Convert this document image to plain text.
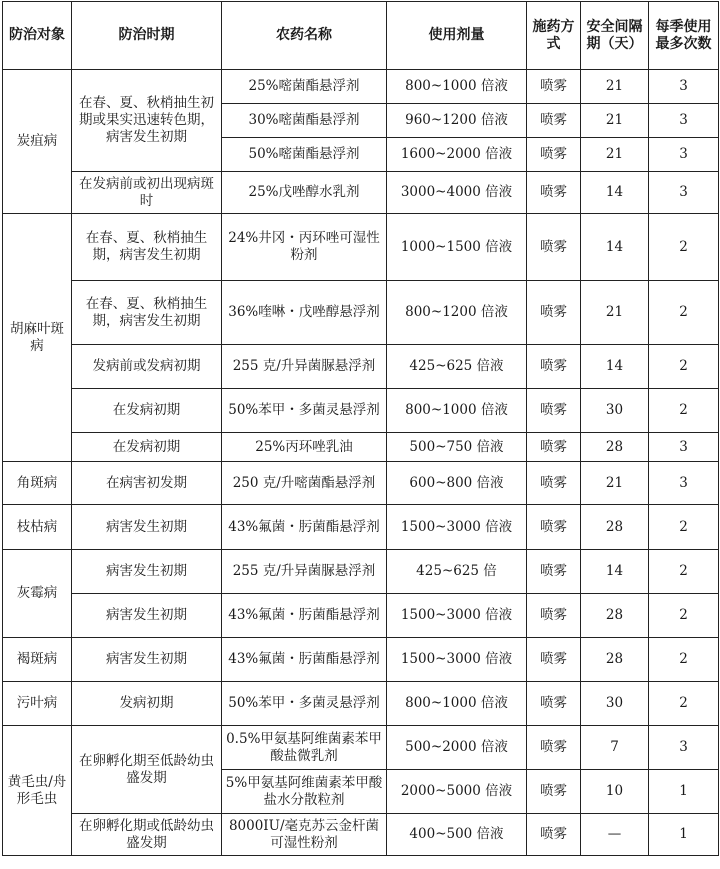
防治对象	防治时期	农药名称	使用剂量	施药方式	安全间隔期（天）	每季使用最多次数
炭疽病	在春、夏、秋梢抽生初期或果实迅速转色期，病害发生初期	25%嘧菌酯悬浮剂	800~1000 倍液	喷雾	21	3
		30%嘧菌酯悬浮剂	960~1200 倍液	喷雾	21	3
		50%嘧菌酯悬浮剂	1600~2000 倍液	喷雾	21	3
	在发病前或初出现病斑时	25%戊唑醇水乳剂	3000~4000 倍液	喷雾	14	3
胡麻叶斑病	在春、夏、秋梢抽生期，病害发生初期	24%井冈・丙环唑可湿性粉剂	1000~1500 倍液	喷雾	14	2
	在春、夏、秋梢抽生期，病害发生初期	36%喹啉・戊唑醇悬浮剂	800~1200 倍液	喷雾	21	2
	发病前或发病初期	255 克/升异菌脲悬浮剂	425~625 倍液	喷雾	14	2
	在发病初期	50%苯甲・多菌灵悬浮剂	800~1000 倍液	喷雾	30	2
	在发病初期	25%丙环唑乳油	500~750 倍液	喷雾	28	3
角斑病	在病害初发期	250 克/升嘧菌酯悬浮剂	600~800 倍液	喷雾	21	3
枝枯病	病害发生初期	43%氟菌・肟菌酯悬浮剂	1500~3000 倍液	喷雾	28	2
灰霉病	病害发生初期	255 克/升异菌脲悬浮剂	425~625 倍	喷雾	14	2
	病害发生初期	43%氟菌・肟菌酯悬浮剂	1500~3000 倍液	喷雾	28	2
褐斑病	病害发生初期	43%氟菌・肟菌酯悬浮剂	1500~3000 倍液	喷雾	28	2
污叶病	发病初期	50%苯甲・多菌灵悬浮剂	800~1000 倍液	喷雾	30	2
黄毛虫/舟形毛虫	在卵孵化期至低龄幼虫盛发期	0.5%甲氨基阿维菌素苯甲酸盐微乳剂	500~2000 倍液	喷雾	7	3
		5%甲氨基阿维菌素苯甲酸盐水分散粒剂	2000~5000 倍液	喷雾	10	1
	在卵孵化期或低龄幼虫盛发期	8000IU/毫克苏云金杆菌可湿性粉剂	400~500 倍液	喷雾	—	1
